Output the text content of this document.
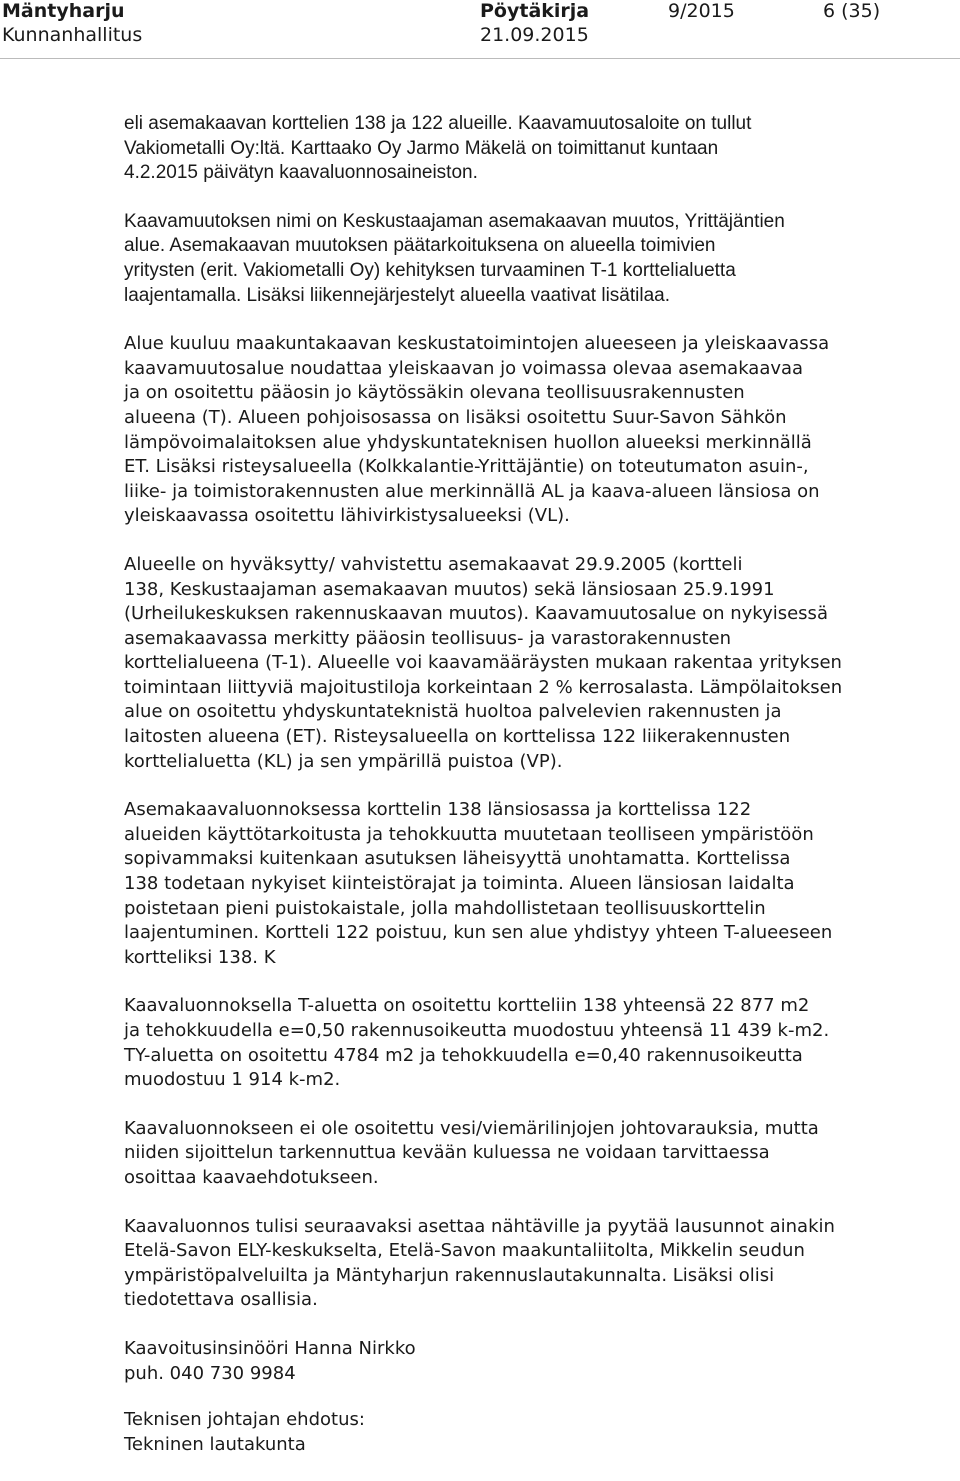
Mäntyharju
Kunnanhallitus
Pöytäkirja
21.09.2015
9/2015	6 (35)
eli asemakaavan korttelien 138 ja 122 alueille. Kaavamuutosaloite on tullut
Vakiometalli Oy:ltä. Karttaako Oy Jarmo Mäkelä on toimittanut kuntaan
4.2.2015 päivätyn kaavaluonnosaineiston.
Kaavamuutoksen nimi on Keskustaajaman asemakaavan muutos, Yrittäjäntien
alue. Asemakaavan muutoksen päätarkoituksena on alueella toimivien
yritysten (erit. Vakiometalli Oy) kehityksen turvaaminen T-1 korttelialuetta
laajentamalla. Lisäksi liikennejärjestelyt alueella vaativat lisätilaa.
Alue kuuluu maakuntakaavan keskustatoimintojen alueeseen ja yleiskaavassa
kaavamuutosalue noudattaa yleiskaavan jo voimassa olevaa asemakaavaa
ja on osoitettu pääosin jo käytössäkin olevana teollisuusrakennusten
alueena (T). Alueen pohjoisosassa on lisäksi osoitettu Suur-Savon Sähkön
lämpövoimalaitoksen alue yhdyskuntateknisen huollon alueeksi merkinnällä
ET. Lisäksi risteysalueella (Kolkkalantie-Yrittäjäntie) on toteutumaton asuin-,
liike- ja toimistorakennusten alue merkinnällä AL ja kaava-alueen länsiosa on
yleiskaavassa osoitettu lähivirkistysalueeksi (VL).
Alueelle on hyväksytty/ vahvistettu asemakaavat 29.9.2005 (kortteli
138, Keskustaajaman asemakaavan muutos) sekä länsiosaan 25.9.1991
(Urheilukeskuksen rakennuskaavan muutos). Kaavamuutosalue on nykyisessä
asemakaavassa merkitty pääosin teollisuus- ja varastorakennusten
korttelialueena (T-1). Alueelle voi kaavamääräysten mukaan rakentaa yrityksen
toimintaan liittyviä majoitustiloja korkeintaan 2 % kerrosalasta. Lämpölaitoksen
alue on osoitettu yhdyskuntateknistä huoltoa palvelevien rakennusten ja
laitosten alueena (ET). Risteysalueella on korttelissa 122 liikerakennusten
korttelialuetta (KL) ja sen ympärillä puistoa (VP).
Asemakaavaluonnoksessa korttelin 138 länsiosassa ja korttelissa 122
alueiden käyttötarkoitusta ja tehokkuutta muutetaan teolliseen ympäristöön
sopivammaksi kuitenkaan asutuksen läheisyyttä unohtamatta. Korttelissa
138 todetaan nykyiset kiinteistörajat ja toiminta. Alueen länsiosan laidalta
poistetaan pieni puistokaistale, jolla mahdollistetaan teollisuuskorttelin
laajentuminen. Kortteli 122 poistuu, kun sen alue yhdistyy yhteen T-alueeseen
kortteliksi 138. K
Kaavaluonnoksella T-aluetta on osoitettu kortteliin 138 yhteensä 22 877 m2
ja tehokkuudella e=0,50 rakennusoikeutta muodostuu yhteensä 11 439 k-m2.
TY-aluetta on osoitettu 4784 m2 ja tehokkuudella e=0,40 rakennusoikeutta
muodostuu 1 914 k-m2.
Kaavaluonnokseen ei ole osoitettu vesi/viemärilinjojen johtovarauksia, mutta
niiden sijoittelun tarkennuttua kevään kuluessa ne voidaan tarvittaessa
osoittaa kaavaehdotukseen.
Kaavaluonnos tulisi seuraavaksi asettaa nähtäville ja pyytää lausunnot ainakin
Etelä-Savon ELY-keskukselta, Etelä-Savon maakuntaliitolta, Mikkelin seudun
ympäristöpalveluilta ja Mäntyharjun rakennuslautakunnalta. Lisäksi olisi
tiedotettava osallisia.
Kaavoitusinsinööri Hanna Nirkko
puh. 040 730 9984
Teknisen johtajan ehdotus:
Tekninen lautakunta
